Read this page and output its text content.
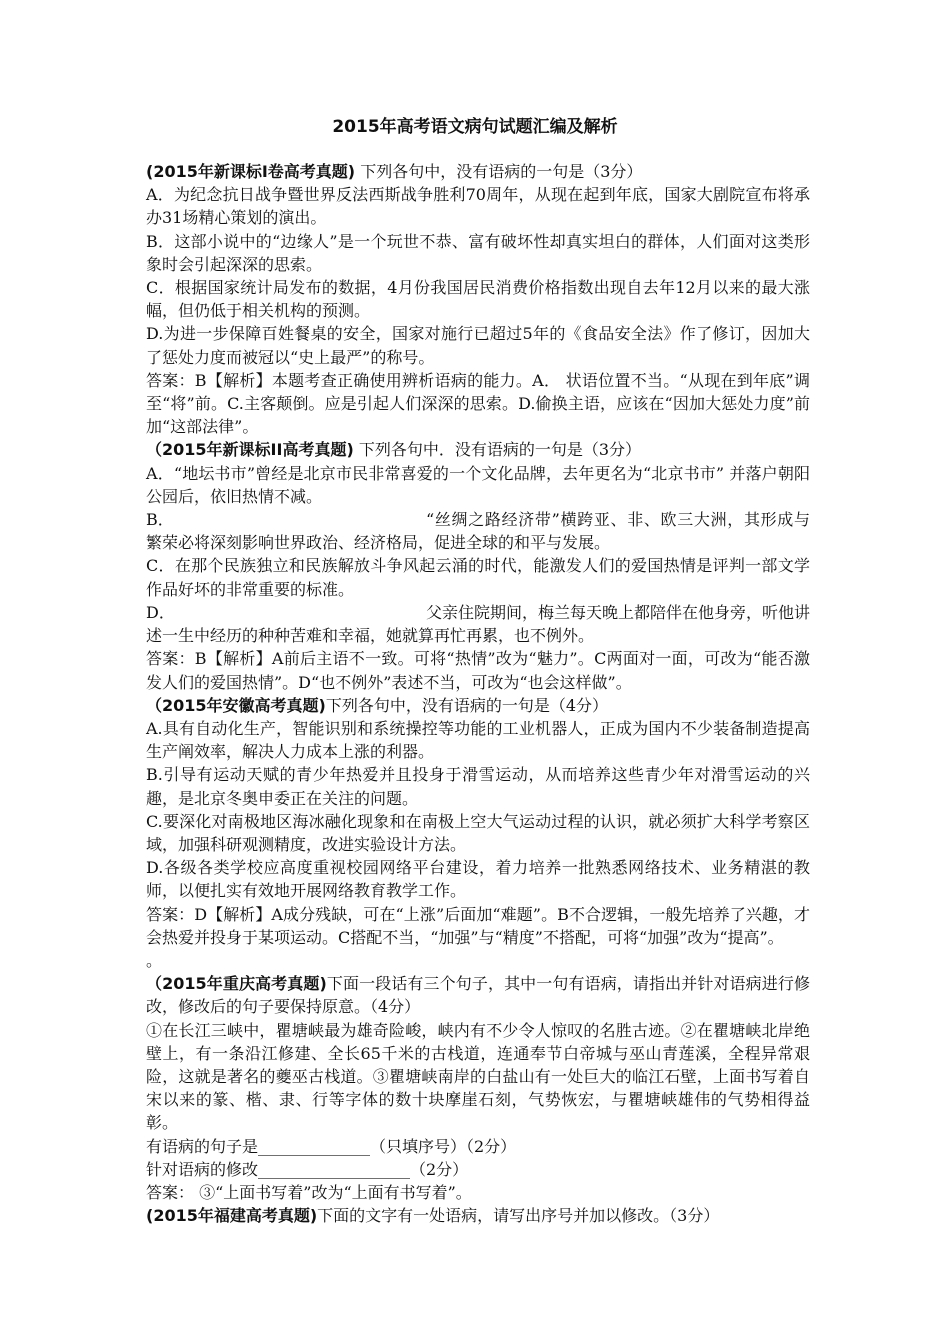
2015年高考语文病句试题汇编及解析

(2015年新课标Ⅰ卷高考真题) 下列各句中，没有语病的一句是（3分）

A．为纪念抗日战争暨世界反法西斯战争胜利70周年，从现在起到年底，国家大剧院宣布将承办31场精心策划的演出。

B．这部小说中的“边缘人”是一个玩世不恭、富有破坏性却真实坦白的群体，人们面对这类形象时会引起深深的思索。

C．根据国家统计局发布的数据，4月份我国居民消费价格指数出现自去年12月以来的最大涨幅，但仍低于相关机构的预测。

D.为进一步保障百姓餐桌的安全，国家对施行已超过5年的《食品安全法》作了修订，因加大了惩处力度而被冠以“史上最严”的称号。

答案：B【解析】本题考查正确使用辨析语病的能力。A． 状语位置不当。“从现在到年底”调至“将”前。C.主客颠倒。应是引起人们深深的思索。D.偷换主语，应该在“因加大惩处力度”前加“这部法律”。

（2015年新课标II高考真题) 下列各句中．没有语病的一句是（3分）

A．“地坛书市”曾经是北京市民非常喜爱的一个文化品牌，去年更名为“北京书市” 并落户朝阳公园后，依旧热情不减。

B．	“丝绸之路经济带”横跨亚、非、欧三大洲，其形成与繁荣必将深刻影响世界政治、经济格局，促进全球的和平与发展。

C．在那个民族独立和民族解放斗争风起云涌的时代，能激发人们的爱国热情是评判一部文学作品好坏的非常重要的标准。

D．	父亲住院期间，梅兰每天晚上都陪伴在他身旁，听他讲述一生中经历的种种苦难和幸福，她就算再忙再累，也不例外。

答案：B【解析】A前后主语不一致。可将“热情”改为“魅力”。C两面对一面，可改为“能否激发人们的爱国热情”。D“也不例外”表述不当，可改为“也会这样做”。

（2015年安徽高考真题)下列各句中，没有语病的一句是（4分）

A.具有自动化生产，智能识别和系统操控等功能的工业机器人，正成为国内不少装备制造提高生产阐效率，解决人力成本上涨的利器。

B.引导有运动天赋的青少年热爱并且投身于滑雪运动，从而培养这些青少年对滑雪运动的兴趣，是北京冬奥申委正在关注的问题。

C.要深化对南极地区海冰融化现象和在南极上空大气运动过程的认识，就必须扩大科学考察区域，加强科研观测精度，改进实验设计方法。

D.各级各类学校应高度重视校园网络平台建设，着力培养一批熟悉网络技术、业务精湛的教师，以便扎实有效地开展网络教育教学工作。

答案：D【解析】A成分残缺，可在“上涨”后面加“难题”。B不合逻辑，一般先培养了兴趣，才会热爱并投身于某项运动。C搭配不当，“加强”与“精度”不搭配，可将“加强”改为“提高”。

。

（2015年重庆高考真题)下面一段话有三个句子，其中一句有语病，请指出并针对语病进行修改，修改后的句子要保持原意。（4分）

①在长江三峡中，瞿塘峡最为雄奇险峻，峡内有不少令人惊叹的名胜古迹。②在瞿塘峡北岸绝壁上，有一条沿江修建、全长65千米的古栈道，连通奉节白帝城与巫山青莲溪，全程异常艰险，这就是著名的夔巫古栈道。③瞿塘峡南岸的白盐山有一处巨大的临江石壁，上面书写着自宋以来的篆、楷、隶、行等字体的数十块摩崖石刻，气势恢宏，与瞿塘峡雄伟的气势相得益彰。

有语病的句子是______________（只填序号）（2分）

针对语病的修改___________________（2分）

答案： ③“上面书写着”改为“上面有书写着”。

(2015年福建高考真题)下面的文字有一处语病，请写出序号并加以修改。（3分）
